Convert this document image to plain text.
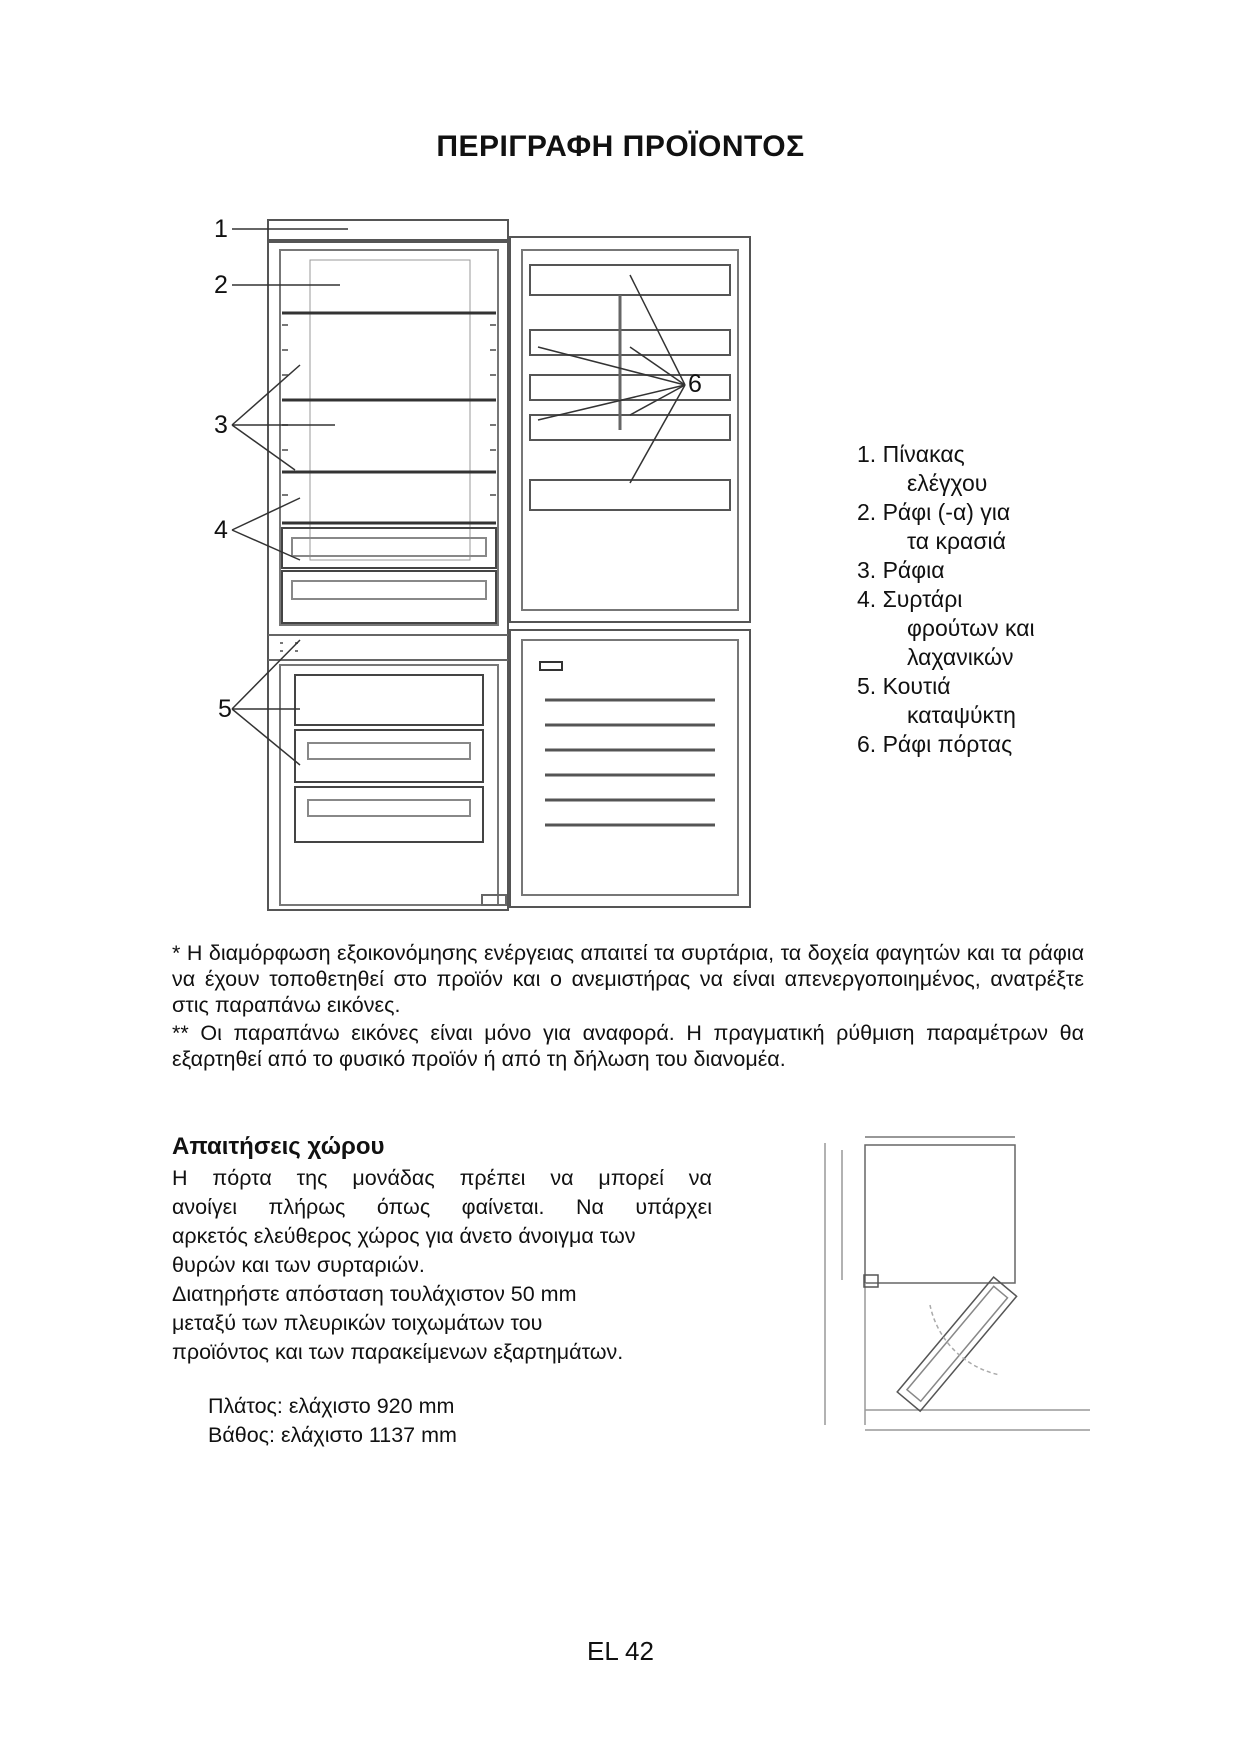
ΠΕΡΙΓΡΑΦΗ ΠΡΟΪΟΝΤΟΣ
1
2
3
4
5
6
1. Πίνακας
ελέγχου
2. Ράφι (-α) για
τα κρασιά
3. Ράφια
4. Συρτάρι
φρούτων και
λαχανικών
5. Κουτιά
καταψύκτη
6. Ράφι πόρτας

* Η διαμόρφωση εξοικονόμησης ενέργειας απαιτεί τα συρτάρια, τα δοχεία φαγητών και τα ράφια να έχουν τοποθετηθεί στο προϊόν και ο ανεμιστήρας να είναι απενεργοποιημένος, ανατρέξτε στις παραπάνω εικόνες.

** Οι παραπάνω εικόνες είναι μόνο για αναφορά. Η πραγματική ρύθμιση παραμέτρων θα εξαρτηθεί από το φυσικό προϊόν ή από τη δήλωση του διανομέα.

Απαιτήσεις χώρου

Η πόρτα της μονάδας πρέπει να μπορεί να

ανοίγει πλήρως όπως φαίνεται. Να υπάρχει

αρκετός ελεύθερος χώρος για άνετο άνοιγμα των

θυρών και των συρταριών.

Διατηρήστε απόσταση τουλάχιστον 50 mm

μεταξύ των πλευρικών τοιχωμάτων του

προϊόντος και των παρακείμενων εξαρτημάτων.

Πλάτος: ελάχιστο 920 mm

Βάθος: ελάχιστο 1137 mm

EL 42
